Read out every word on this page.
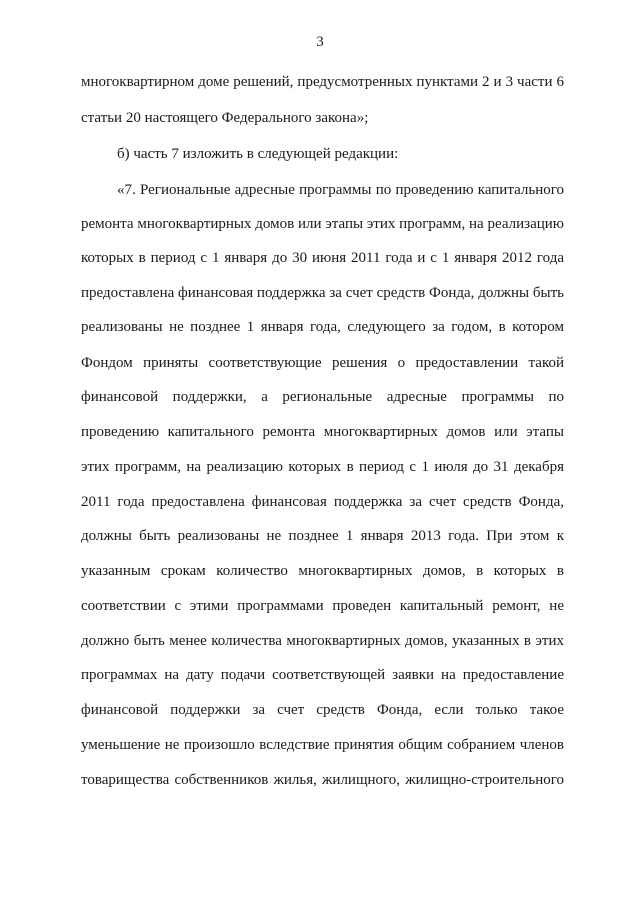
3
многоквартирном доме решений, предусмотренных пунктами 2 и 3 части 6
статьи 20 настоящего Федерального закона»;
б) часть 7 изложить в следующей редакции:
«7. Региональные адресные программы по проведению капитального
ремонта многоквартирных домов или этапы этих программ, на реализацию
которых в период с 1 января до 30 июня 2011 года и с 1 января 2012 года
предоставлена финансовая поддержка за счет средств Фонда, должны быть
реализованы не позднее 1 января года, следующего за годом, в котором
Фондом приняты соответствующие решения о предоставлении такой
финансовой поддержки, а региональные адресные программы по
проведению капитального ремонта многоквартирных домов или этапы
этих программ, на реализацию которых в период с 1 июля до 31 декабря
2011 года предоставлена финансовая поддержка за счет средств Фонда,
должны быть реализованы не позднее 1 января 2013 года. При этом к
указанным срокам количество многоквартирных домов, в которых в
соответствии с этими программами проведен капитальный ремонт, не
должно быть менее количества многоквартирных домов, указанных в этих
программах на дату подачи соответствующей заявки на предоставление
финансовой поддержки за счет средств Фонда, если только такое
уменьшение не произошло вследствие принятия общим собранием членов
товарищества собственников жилья, жилищного, жилищно-строительного
